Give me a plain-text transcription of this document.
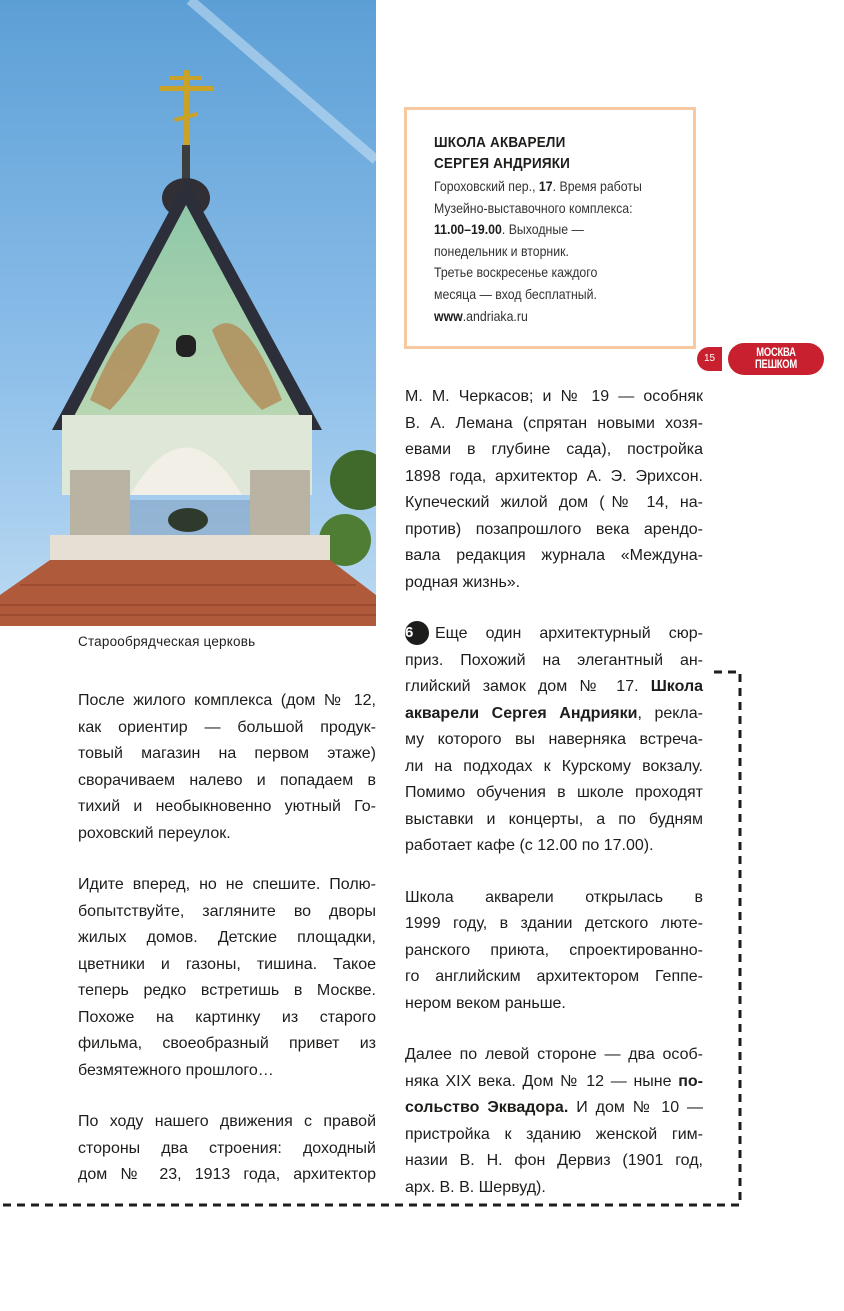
Старообрядческая церковь
ШКОЛА АКВАРЕЛИ
СЕРГЕЯ АНДРИЯКИ
Гороховский пер., 17. Время работы
Музейно-выставочного комплекса:
11.00–19.00. Выходные —
понедельник и вторник.
Третье воскресенье каждого
месяца — вход бесплатный.
www.andriaka.ru
15	МОСКВА
ПЕШКОМ

После жилого комплекса (дом № 12,
как ориентир — большой продук-
товый магазин на первом этаже)
сворачиваем налево и попадаем в
тихий и необыкновенно уютный Го-
роховский переулок.

Идите вперед, но не спешите. Полю-
бопытствуйте, загляните во дворы
жилых домов. Детские площадки,
цветники и газоны, тишина. Такое
теперь редко встретишь в Москве.
Похоже на картинку из старого
фильма, своеобразный привет из
безмятежного прошлого…

По ходу нашего движения с правой
стороны два строения: доходный
дом № 23, 1913 года, архитектор

М. М. Черкасов; и № 19 — особняк
В. А. Лемана (спрятан новыми хозя-
евами в глубине сада), постройка
1898 года, архитектор А. Э. Эрихсон.
Купеческий жилой дом (№ 14, на-
против) позапрошлого века арендо-
вала редакция журнала «Междуна-
родная жизнь».

6 Еще один архитектурный сюр-
приз. Похожий на элегантный ан-
глийский замок дом № 17. Школа
акварели Сергея Андрияки, рекла-
му которого вы наверняка встреча-
ли на подходах к Курскому вокзалу.
Помимо обучения в школе проходят
выставки и концерты, а по будням
работает кафе (с 12.00 по 17.00).

Школа акварели открылась в
1999 году, в здании детского люте-
ранского приюта, спроектированно-
го английским архитектором Геппе-
нером веком раньше.

Далее по левой стороне — два особ-
няка XIX века. Дом № 12 — ныне по-
сольство Эквадора. И дом № 10 —
пристройка к зданию женской гим-
назии В. Н. фон Дервиз (1901 год,
арх. В. В. Шервуд).
